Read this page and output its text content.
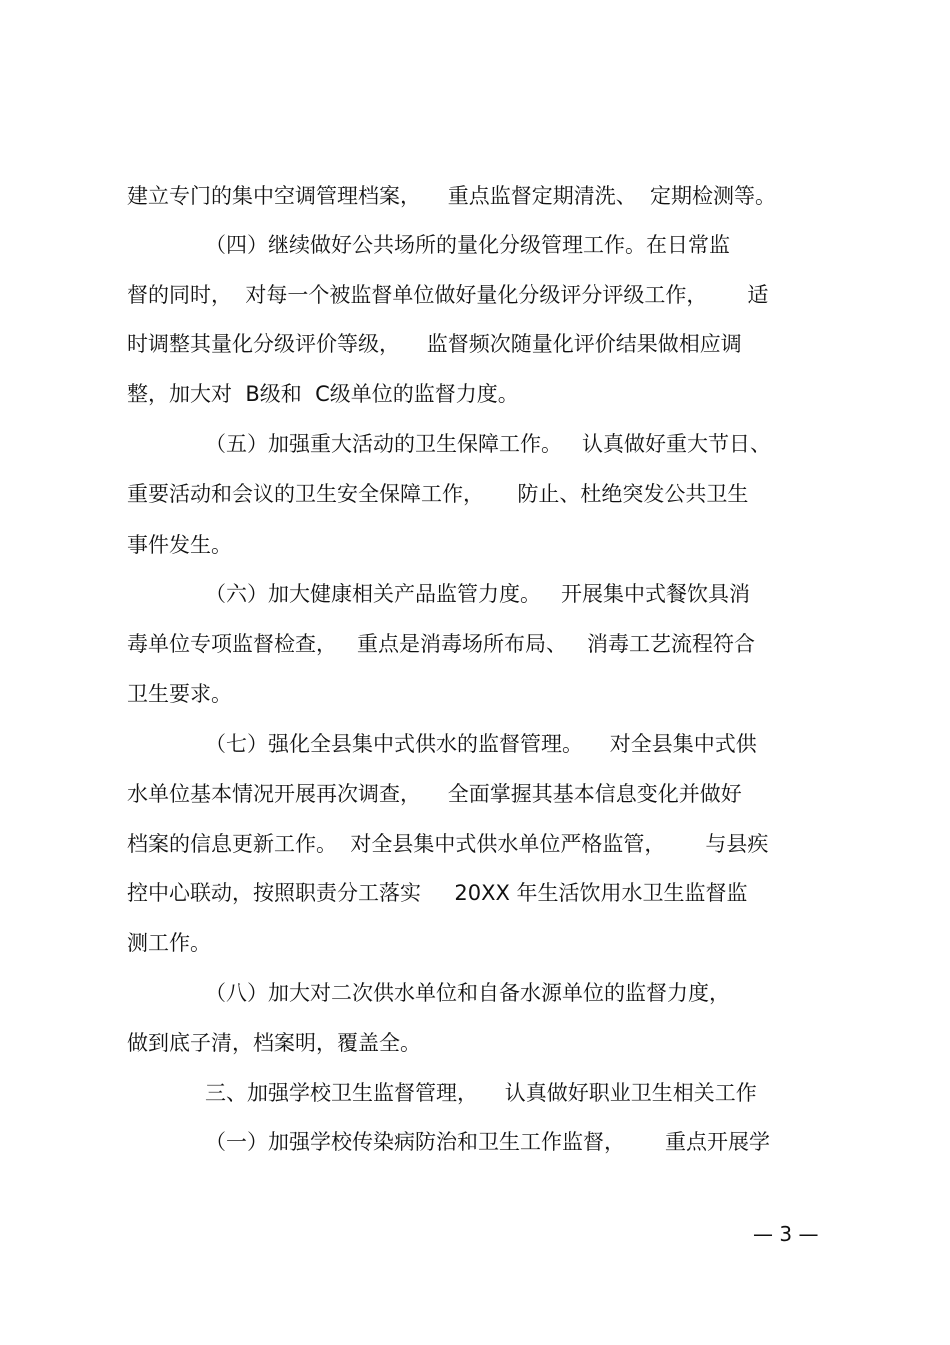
建立专门的集中空调管理档案，    重点监督定期清洗、  定期检测等。
（四）继续做好公共场所的量化分级管理工作。在日常监
督的同时，  对每一个被监督单位做好量化分级评分评级工作，      适
时调整其量化分级评价等级，    监督频次随量化评价结果做相应调
整，加大对  B级和  C级单位的监督力度。
（五）加强重大活动的卫生保障工作。   认真做好重大节日、
重要活动和会议的卫生安全保障工作，     防止、杜绝突发公共卫生
事件发生。
（六）加大健康相关产品监管力度。   开展集中式餐饮具消
毒单位专项监督检查，   重点是消毒场所布局、   消毒工艺流程符合
卫生要求。
（七）强化全县集中式供水的监督管理。    对全县集中式供
水单位基本情况开展再次调查，    全面掌握其基本信息变化并做好
档案的信息更新工作。  对全县集中式供水单位严格监管，      与县疾
控中心联动，按照职责分工落实     20XX 年生活饮用水卫生监督监
测工作。
（八）加大对二次供水单位和自备水源单位的监督力度，
做到底子清，档案明，覆盖全。
三、加强学校卫生监督管理，    认真做好职业卫生相关工作
（一）加强学校传染病防治和卫生工作监督，      重点开展学
— 3 —
